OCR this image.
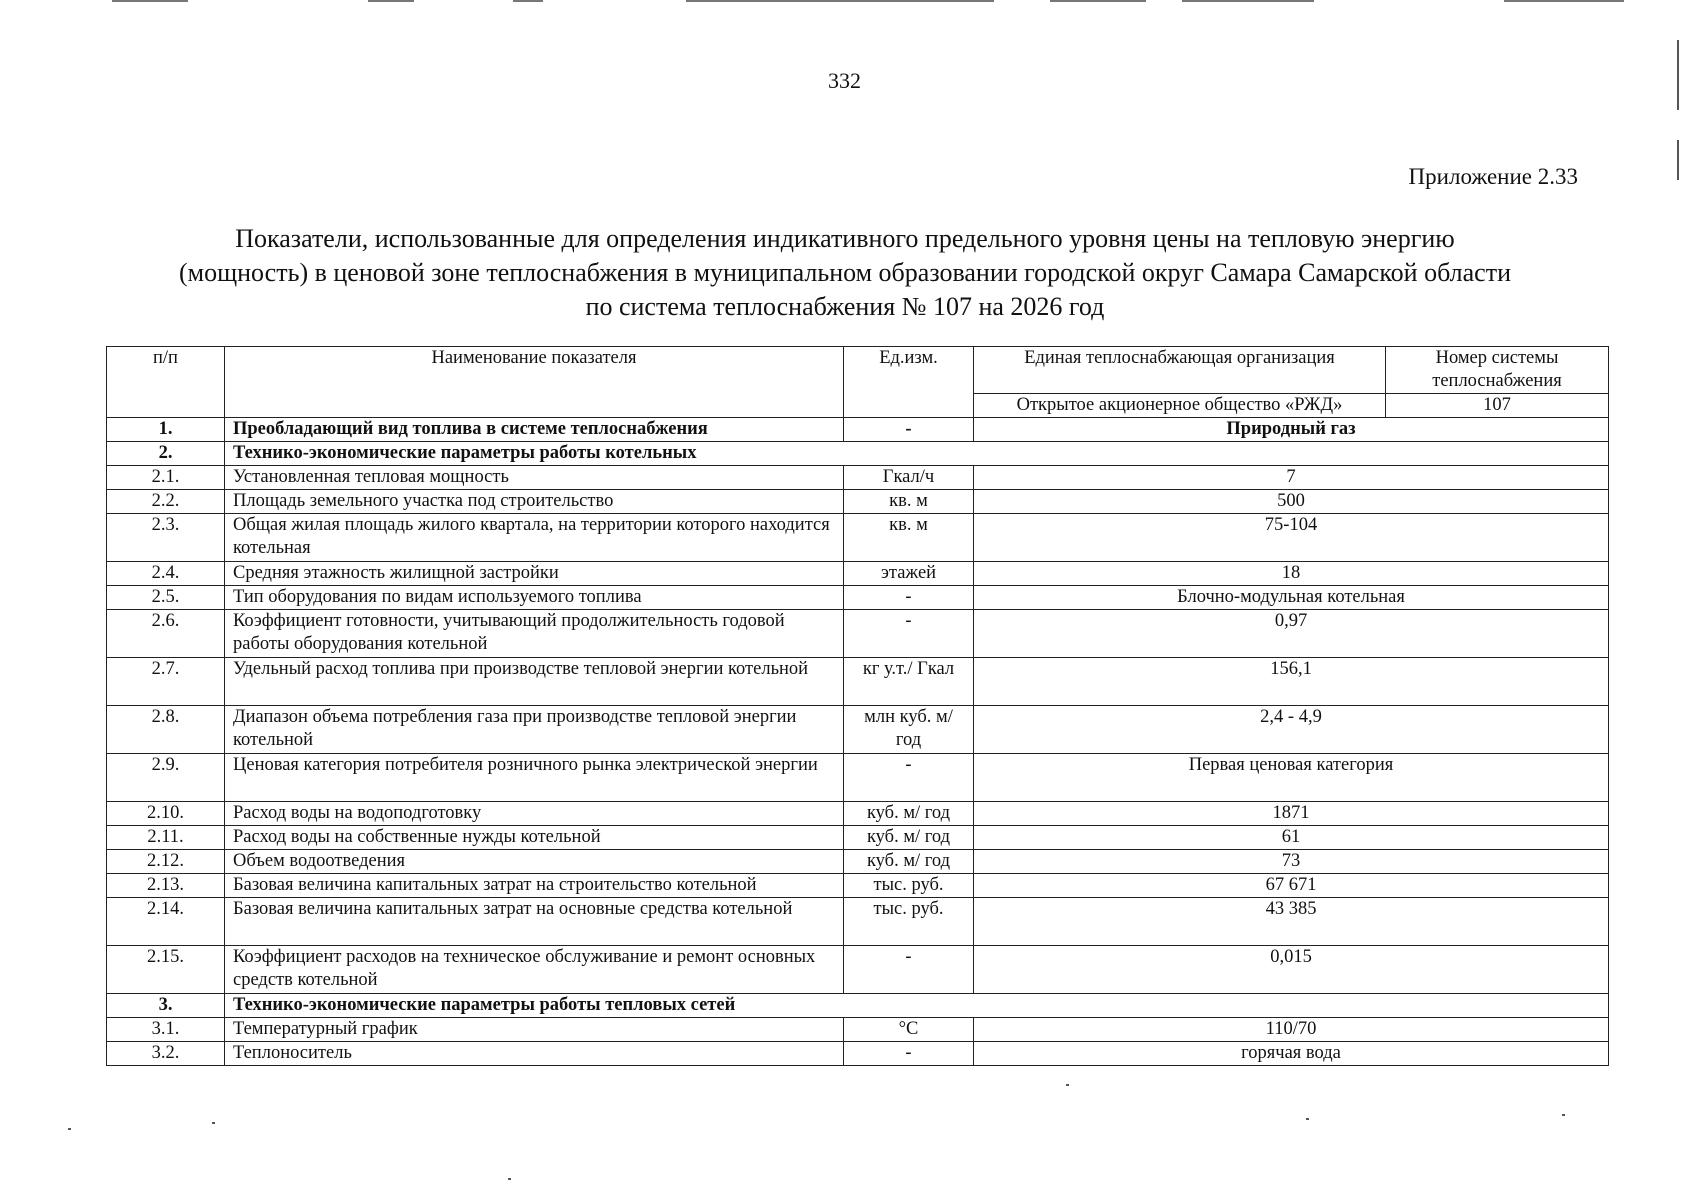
332
Приложение 2.33
Показатели, использованные для определения индикативного предельного уровня цены на тепловую энергию
(мощность) в ценовой зоне теплоснабжения в муниципальном образовании городской округ Самара Самарской области
по система теплоснабжения № 107 на 2026 год
п/п	Наименование показателя	Ед.изм.	Единая теплоснабжающая организация	Номер системы теплоснабжения
			Открытое акционерное общество «РЖД»	107
1.	Преобладающий вид топлива в системе теплоснабжения	-	Природный газ	
2.	Технико-экономические параметры работы котельных			
2.1.	Установленная тепловая мощность	Гкал/ч	7	
2.2.	Площадь земельного участка под строительство	кв. м	500	
2.3.	Общая жилая площадь жилого квартала, на территории которого находится котельная	кв. м	75-104	
2.4.	Средняя этажность жилищной застройки	этажей	18	
2.5.	Тип оборудования по видам используемого топлива	-	Блочно-модульная котельная	
2.6.	Коэффициент готовности, учитывающий продолжительность годовой работы оборудования котельной	-	0,97	
2.7.	Удельный расход топлива при производстве тепловой энергии котельной	кг у.т./ Гкал	156,1	
2.8.	Диапазон объема потребления газа при производстве тепловой энергии котельной	млн куб. м/год	2,4 - 4,9	
2.9.	Ценовая категория потребителя розничного рынка электрической энергии	-	Первая ценовая категория	
2.10.	Расход воды на водоподготовку	куб. м/ год	1871	
2.11.	Расход воды на собственные нужды котельной	куб. м/ год	61	
2.12.	Объем водоотведения	куб. м/ год	73	
2.13.	Базовая величина капитальных затрат на строительство котельной	тыс. руб.	67 671	
2.14.	Базовая величина капитальных затрат на основные средства котельной	тыс. руб.	43 385	
2.15.	Коэффициент расходов на техническое обслуживание и ремонт основных средств котельной	-	0,015	
3.	Технико-экономические параметры работы тепловых сетей			
3.1.	Температурный график	°С	110/70	
3.2.	Теплоноситель	-	горячая вода	
